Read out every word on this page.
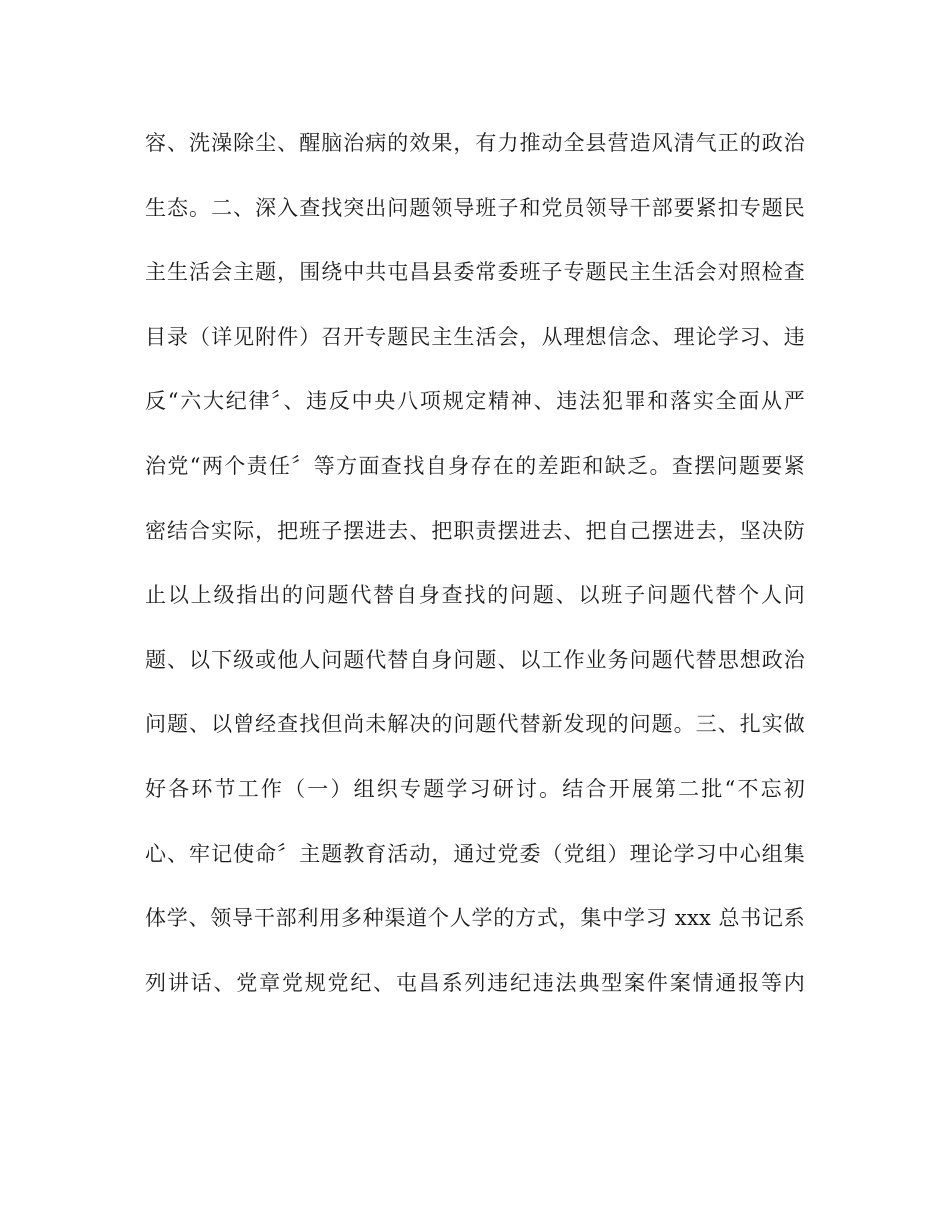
容、洗澡除尘、醒脑治病的效果，有力推动全县营造风清气正的政治
生态。二、深入查找突出问题领导班子和党员领导干部要紧扣专题民
主生活会主题，围绕中共屯昌县委常委班子专题民主生活会对照检查
目录（详见附件）召开专题民主生活会，从理想信念、理论学习、违
反“六大纪律〞、违反中央八项规定精神、违法犯罪和落实全面从严
治党“两个责任〞等方面查找自身存在的差距和缺乏。查摆问题要紧
密结合实际，把班子摆进去、把职责摆进去、把自己摆进去，坚决防
止以上级指出的问题代替自身查找的问题、以班子问题代替个人问
题、以下级或他人问题代替自身问题、以工作业务问题代替思想政治
问题、以曾经查找但尚未解决的问题代替新发现的问题。三、扎实做
好各环节工作（一）组织专题学习研讨。结合开展第二批“不忘初
心、牢记使命〞主题教育活动，通过党委（党组）理论学习中心组集
体学、领导干部利用多种渠道个人学的方式，集中学习 xxx 总书记系
列讲话、党章党规党纪、屯昌系列违纪违法典型案件案情通报等内
